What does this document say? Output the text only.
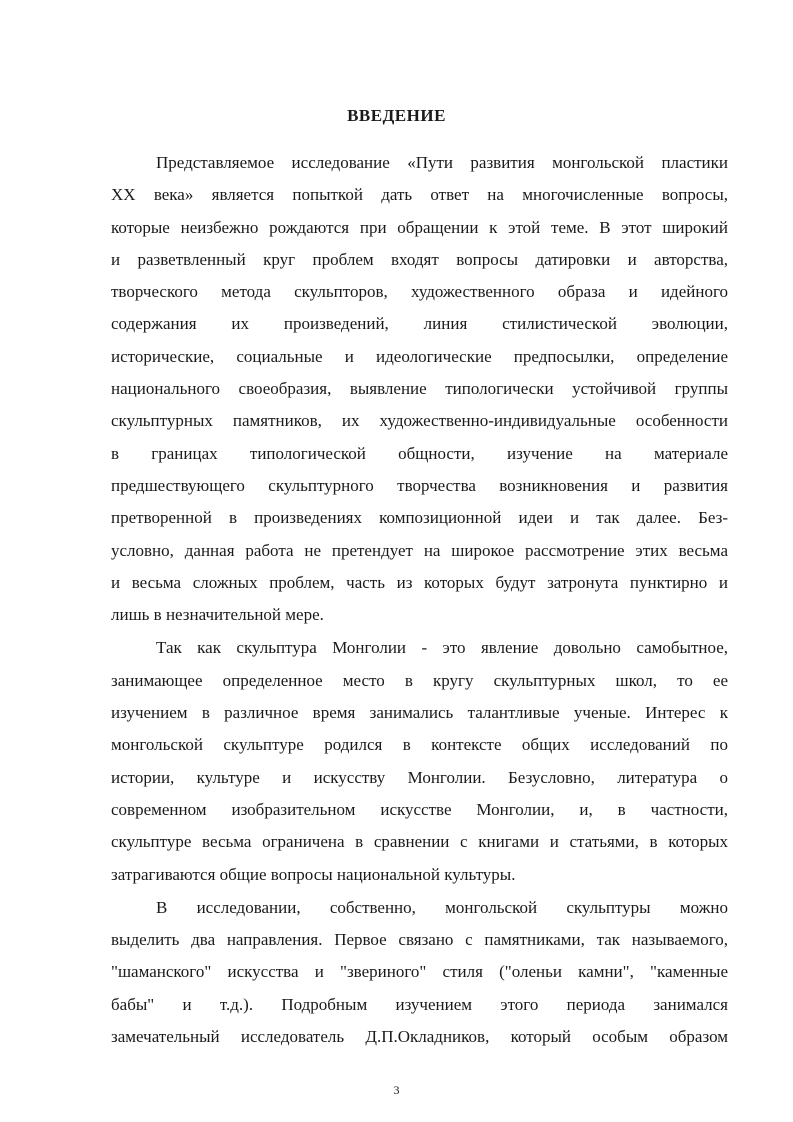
ВВЕДЕНИЕ

Представляемое исследование «Пути развития монгольской пластики
XX века» является попыткой дать ответ на многочисленные вопросы,
которые неизбежно рождаются при обращении к этой теме. В этот широкий
и разветвленный круг проблем входят вопросы датировки и авторства,
творческого метода скульпторов, художественного образа и идейного
содержания их произведений, линия стилистической эволюции,
исторические, социальные и идеологические предпосылки, определение
национального своеобразия, выявление типологически устойчивой группы
скульптурных памятников, их художественно-индивидуальные особенности
в границах типологической общности, изучение на материале
предшествующего скульптурного творчества возникновения и развития
претворенной в произведениях композиционной идеи и так далее. Без-
условно, данная работа не претендует на широкое рассмотрение этих весьма
и весьма сложных проблем, часть из которых будут затронута пунктирно и
лишь в незначительной мере.

Так как скульптура Монголии - это явление довольно самобытное,
занимающее определенное место в кругу скульптурных школ, то ее
изучением в различное время занимались талантливые ученые. Интерес к
монгольской скульптуре родился в контексте общих исследований по
истории, культуре и искусству Монголии. Безусловно, литература о
современном изобразительном искусстве Монголии, и, в частности,
скульптуре весьма ограничена в сравнении с книгами и статьями, в которых
затрагиваются общие вопросы национальной культуры.

В исследовании, собственно, монгольской скульптуры можно
выделить два направления. Первое связано с памятниками, так называемого,
"шаманского" искусства и "звериного" стиля ("оленьи камни", "каменные
бабы" и т.д.). Подробным изучением этого периода занимался
замечательный исследователь Д.П.Окладников, который особым образом

3
